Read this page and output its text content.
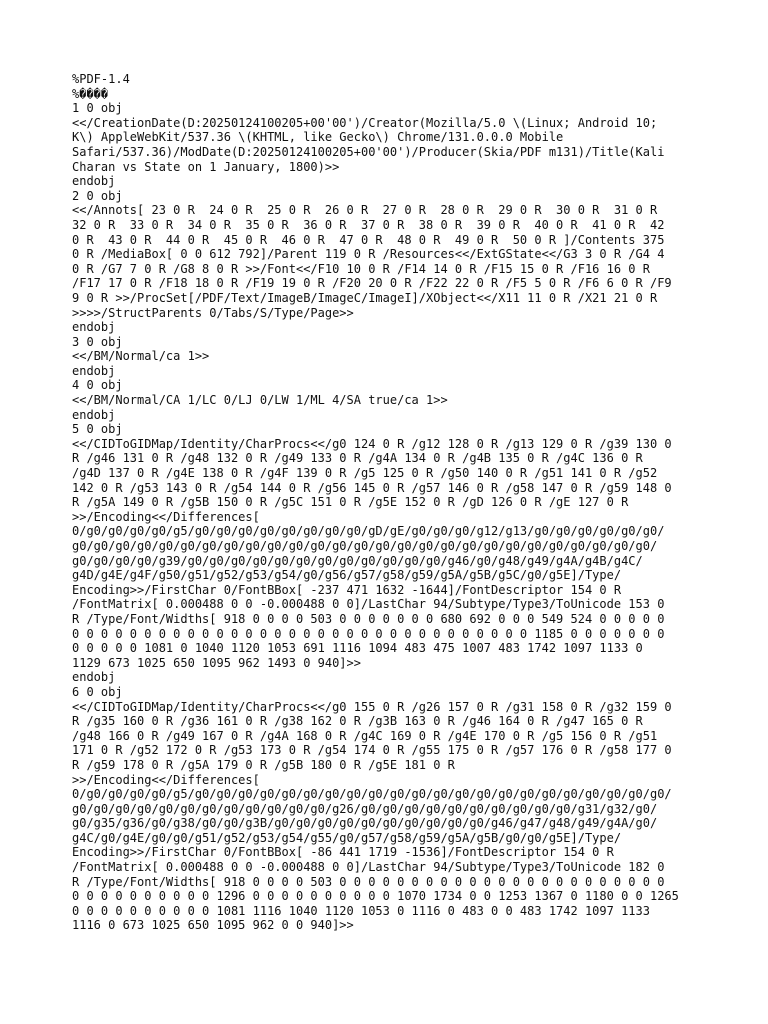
%PDF-1.4
%����
1 0 obj
<</CreationDate(D:20250124100205+00'00')/Creator(Mozilla/5.0 \(Linux; Android 10;
K\) AppleWebKit/537.36 \(KHTML, like Gecko\) Chrome/131.0.0.0 Mobile
Safari/537.36)/ModDate(D:20250124100205+00'00')/Producer(Skia/PDF m131)/Title(Kali
Charan vs State on 1 January, 1800)>>
endobj
2 0 obj
<</Annots[ 23 0 R  24 0 R  25 0 R  26 0 R  27 0 R  28 0 R  29 0 R  30 0 R  31 0 R
32 0 R  33 0 R  34 0 R  35 0 R  36 0 R  37 0 R  38 0 R  39 0 R  40 0 R  41 0 R  42
0 R  43 0 R  44 0 R  45 0 R  46 0 R  47 0 R  48 0 R  49 0 R  50 0 R ]/Contents 375
0 R /MediaBox[ 0 0 612 792]/Parent 119 0 R /Resources<</ExtGState<</G3 3 0 R /G4 4
0 R /G7 7 0 R /G8 8 0 R >>/Font<</F10 10 0 R /F14 14 0 R /F15 15 0 R /F16 16 0 R
/F17 17 0 R /F18 18 0 R /F19 19 0 R /F20 20 0 R /F22 22 0 R /F5 5 0 R /F6 6 0 R /F9
9 0 R >>/ProcSet[/PDF/Text/ImageB/ImageC/ImageI]/XObject<</X11 11 0 R /X21 21 0 R
>>>>/StructParents 0/Tabs/S/Type/Page>>
endobj
3 0 obj
<</BM/Normal/ca 1>>
endobj
4 0 obj
<</BM/Normal/CA 1/LC 0/LJ 0/LW 1/ML 4/SA true/ca 1>>
endobj
5 0 obj
<</CIDToGIDMap/Identity/CharProcs<</g0 124 0 R /g12 128 0 R /g13 129 0 R /g39 130 0
R /g46 131 0 R /g48 132 0 R /g49 133 0 R /g4A 134 0 R /g4B 135 0 R /g4C 136 0 R
/g4D 137 0 R /g4E 138 0 R /g4F 139 0 R /g5 125 0 R /g50 140 0 R /g51 141 0 R /g52
142 0 R /g53 143 0 R /g54 144 0 R /g56 145 0 R /g57 146 0 R /g58 147 0 R /g59 148 0
R /g5A 149 0 R /g5B 150 0 R /g5C 151 0 R /g5E 152 0 R /gD 126 0 R /gE 127 0 R
>>/Encoding<</Differences[
0/g0/g0/g0/g0/g5/g0/g0/g0/g0/g0/g0/g0/g0/gD/gE/g0/g0/g0/g12/g13/g0/g0/g0/g0/g0/g0/
g0/g0/g0/g0/g0/g0/g0/g0/g0/g0/g0/g0/g0/g0/g0/g0/g0/g0/g0/g0/g0/g0/g0/g0/g0/g0/g0/
g0/g0/g0/g0/g39/g0/g0/g0/g0/g0/g0/g0/g0/g0/g0/g0/g0/g46/g0/g48/g49/g4A/g4B/g4C/
g4D/g4E/g4F/g50/g51/g52/g53/g54/g0/g56/g57/g58/g59/g5A/g5B/g5C/g0/g5E]/Type/
Encoding>>/FirstChar 0/FontBBox[ -237 471 1632 -1644]/FontDescriptor 154 0 R
/FontMatrix[ 0.000488 0 0 -0.000488 0 0]/LastChar 94/Subtype/Type3/ToUnicode 153 0
R /Type/Font/Widths[ 918 0 0 0 0 503 0 0 0 0 0 0 0 680 692 0 0 0 549 524 0 0 0 0 0
0 0 0 0 0 0 0 0 0 0 0 0 0 0 0 0 0 0 0 0 0 0 0 0 0 0 0 0 0 0 0 0 1185 0 0 0 0 0 0 0
0 0 0 0 0 1081 0 1040 1120 1053 691 1116 1094 483 475 1007 483 1742 1097 1133 0
1129 673 1025 650 1095 962 1493 0 940]>>
endobj
6 0 obj
<</CIDToGIDMap/Identity/CharProcs<</g0 155 0 R /g26 157 0 R /g31 158 0 R /g32 159 0
R /g35 160 0 R /g36 161 0 R /g38 162 0 R /g3B 163 0 R /g46 164 0 R /g47 165 0 R
/g48 166 0 R /g49 167 0 R /g4A 168 0 R /g4C 169 0 R /g4E 170 0 R /g5 156 0 R /g51
171 0 R /g52 172 0 R /g53 173 0 R /g54 174 0 R /g55 175 0 R /g57 176 0 R /g58 177 0
R /g59 178 0 R /g5A 179 0 R /g5B 180 0 R /g5E 181 0 R
>>/Encoding<</Differences[
0/g0/g0/g0/g0/g5/g0/g0/g0/g0/g0/g0/g0/g0/g0/g0/g0/g0/g0/g0/g0/g0/g0/g0/g0/g0/g0/g0/
g0/g0/g0/g0/g0/g0/g0/g0/g0/g0/g0/g0/g26/g0/g0/g0/g0/g0/g0/g0/g0/g0/g0/g31/g32/g0/
g0/g35/g36/g0/g38/g0/g0/g3B/g0/g0/g0/g0/g0/g0/g0/g0/g0/g0/g46/g47/g48/g49/g4A/g0/
g4C/g0/g4E/g0/g0/g51/g52/g53/g54/g55/g0/g57/g58/g59/g5A/g5B/g0/g0/g5E]/Type/
Encoding>>/FirstChar 0/FontBBox[ -86 441 1719 -1536]/FontDescriptor 154 0 R
/FontMatrix[ 0.000488 0 0 -0.000488 0 0]/LastChar 94/Subtype/Type3/ToUnicode 182 0
R /Type/Font/Widths[ 918 0 0 0 0 503 0 0 0 0 0 0 0 0 0 0 0 0 0 0 0 0 0 0 0 0 0 0 0
0 0 0 0 0 0 0 0 0 0 1296 0 0 0 0 0 0 0 0 0 0 1070 1734 0 0 1253 1367 0 1180 0 0 1265
0 0 0 0 0 0 0 0 0 0 1081 1116 1040 1120 1053 0 1116 0 483 0 0 483 1742 1097 1133
1116 0 673 1025 650 1095 962 0 0 940]>>
